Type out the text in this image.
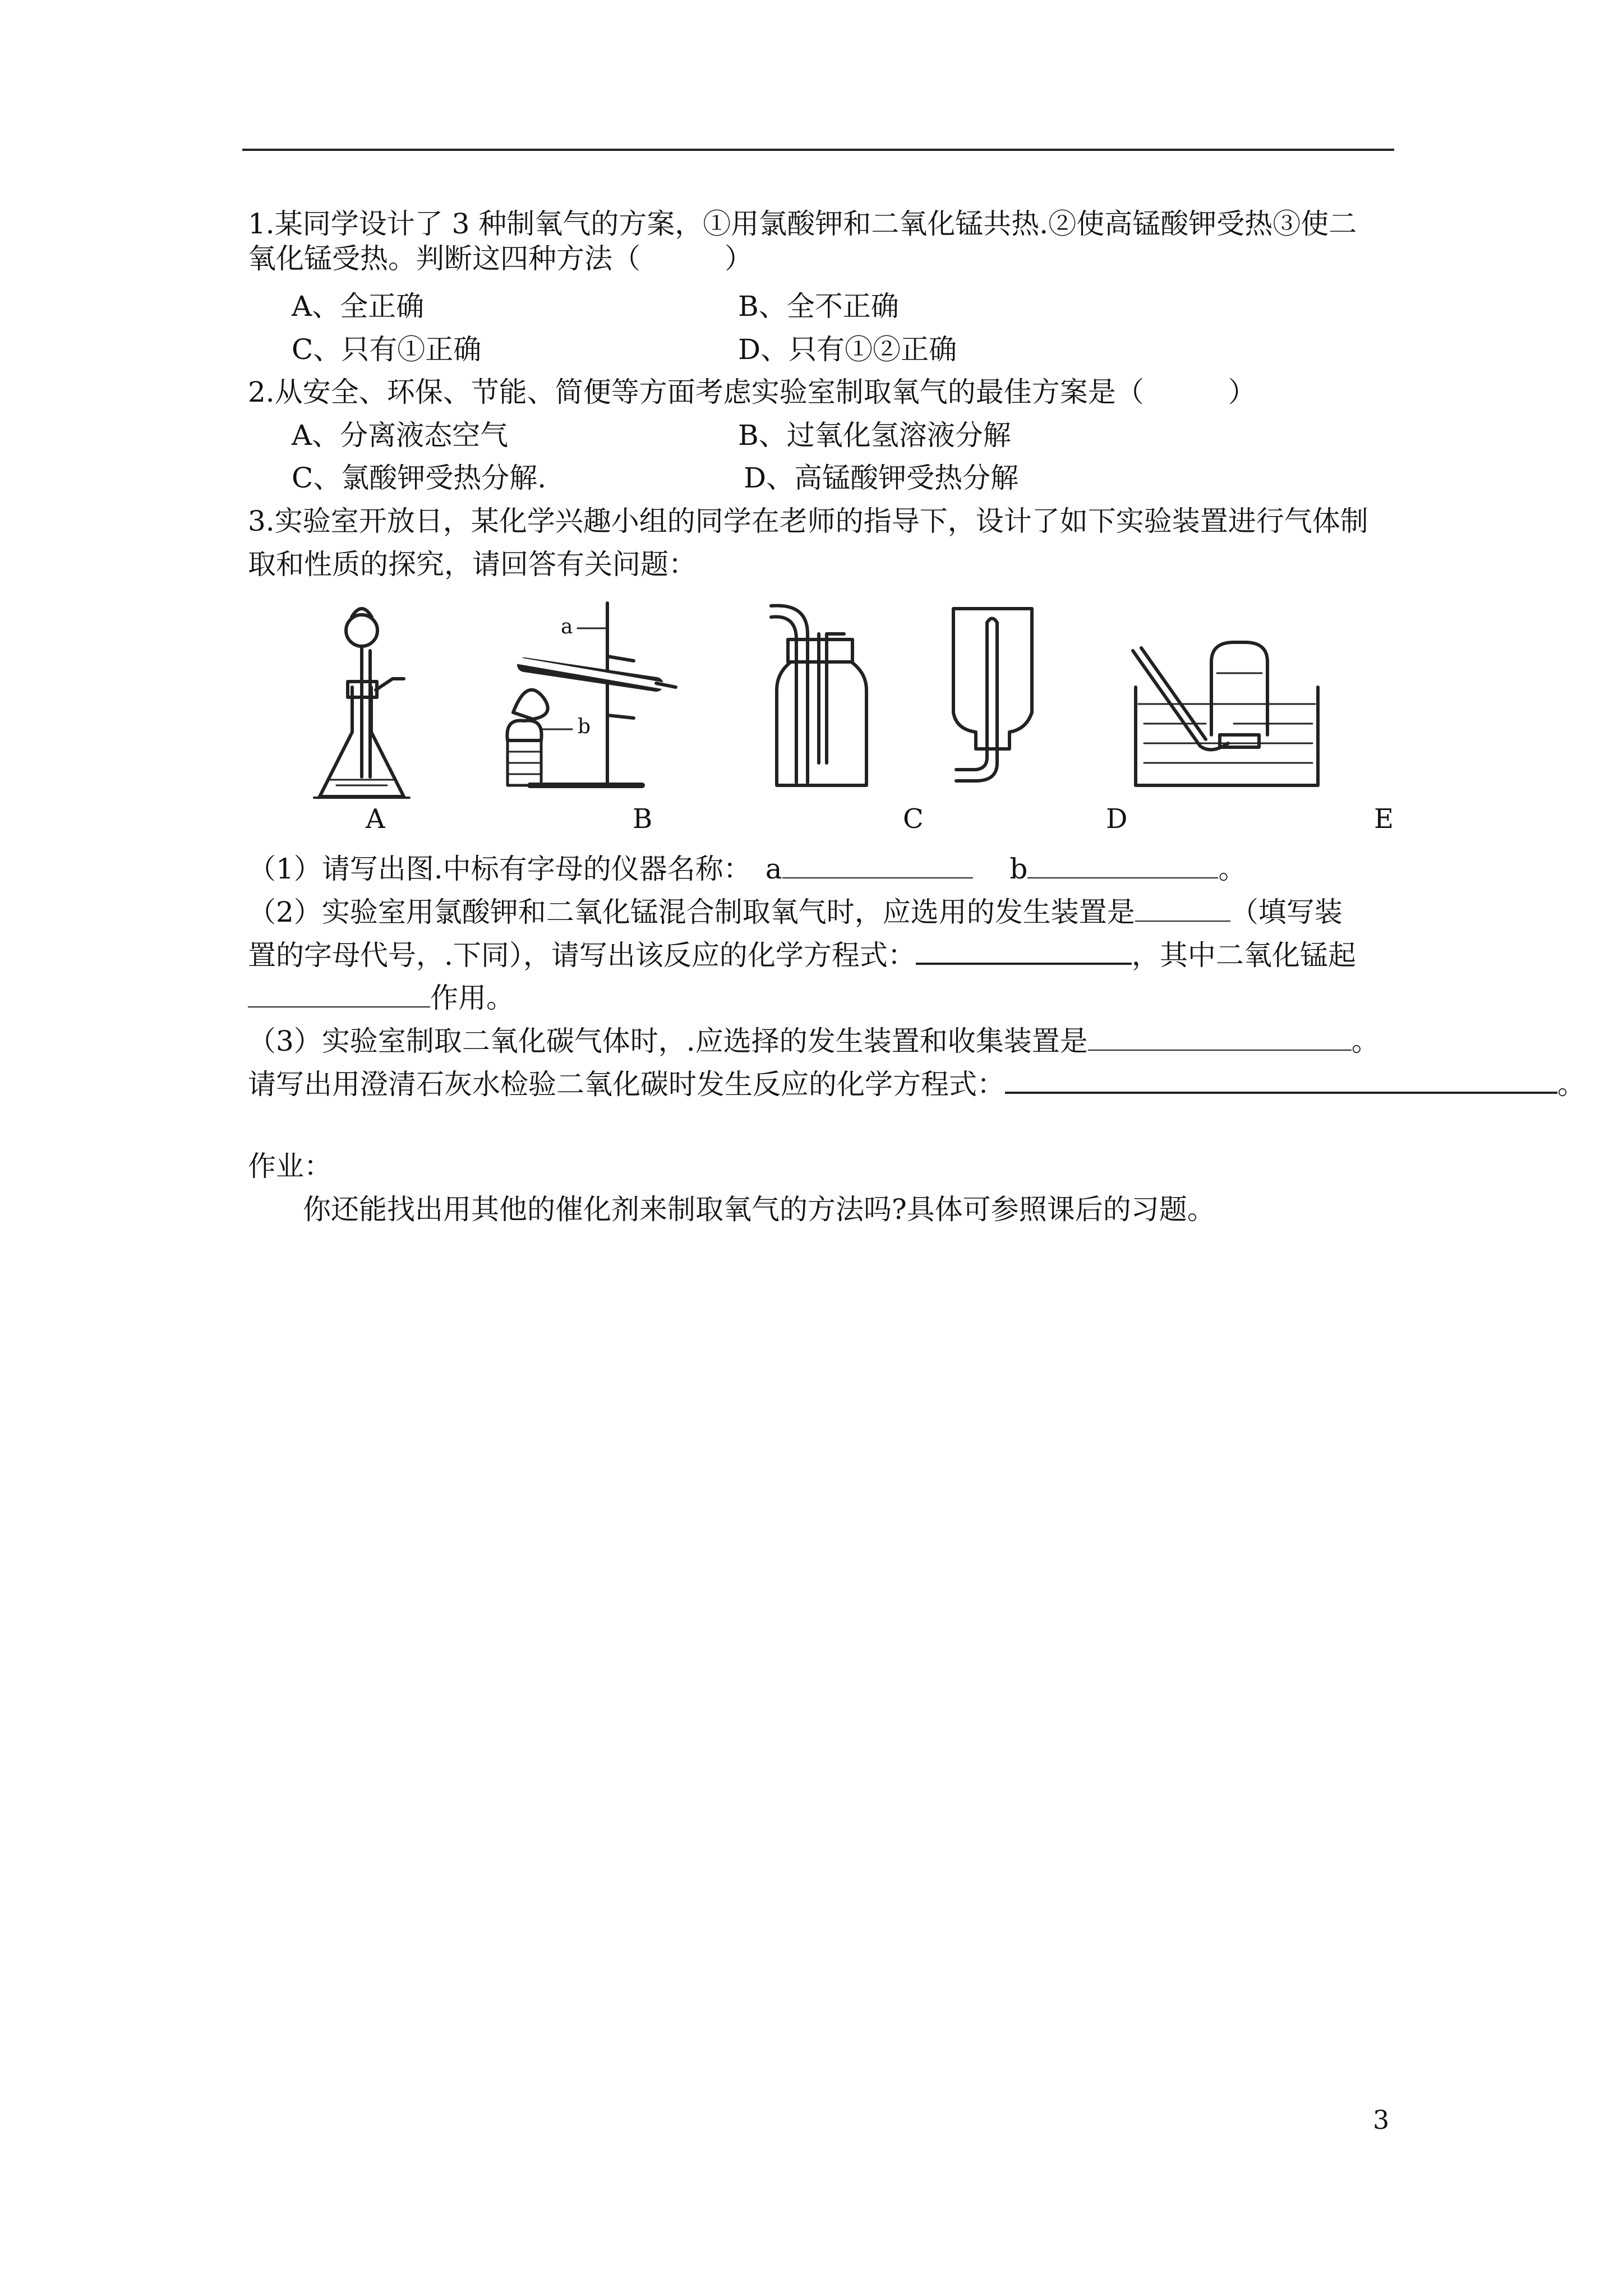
1.某同学设计了 3 种制氧气的方案，①用氯酸钾和二氧化锰共热.②使高锰酸钾受热③使二
氧化锰受热。判断这四种方法（　　　）
A、全正确	B、全不正确
C、只有①正确	D、只有①②正确
2.从安全、环保、节能、简便等方面考虑实验室制取氧气的最佳方案是（　　　）
A、分离液态空气	B、过氧化氢溶液分解
C、氯酸钾受热分解.	D、高锰酸钾受热分解
3.实验室开放日，某化学兴趣小组的同学在老师的指导下，设计了如下实验装置进行气体制
取和性质的探究，请回答有关问题：
a
b
A	B	C	D	E
（1）请写出图.中标有字母的仪器名称：　a	b	。
（2）实验室用氯酸钾和二氧化锰混合制取氧气时，应选用的发生装置是	（填写装
置的字母代号，.下同），请写出该反应的化学方程式：	，其中二氧化锰起
作用。
（3）实验室制取二氧化碳气体时，.应选择的发生装置和收集装置是	。
请写出用澄清石灰水检验二氧化碳时发生反应的化学方程式：	。
作业：
你还能找出用其他的催化剂来制取氧气的方法吗?具体可参照课后的习题。
3
